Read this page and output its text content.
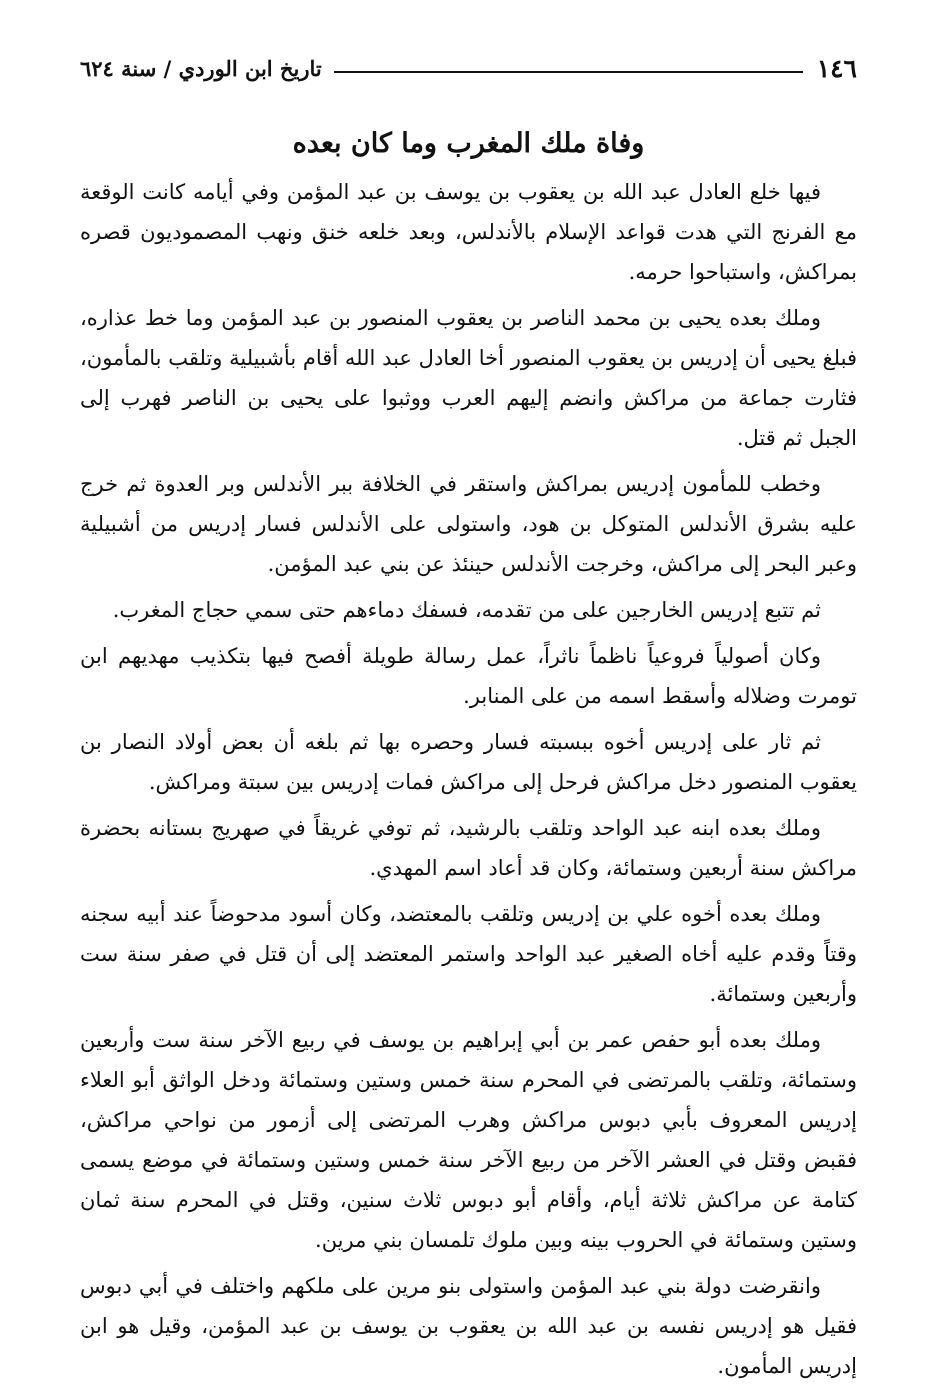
١٤٦
تاريخ ابن الوردي / سنة ٦٢٤
وفاة ملك المغرب وما كان بعده

فيها خلع العادل عبد الله بن يعقوب بن يوسف بن عبد المؤمن وفي أيامه كانت الوقعة مع الفرنج التي هدت قواعد الإسلام بالأندلس، وبعد خلعه خنق ونهب المصموديون قصره بمراكش، واستباحوا حرمه.

وملك بعده يحيى بن محمد الناصر بن يعقوب المنصور بن عبد المؤمن وما خط عذاره، فبلغ يحيى أن إدريس بن يعقوب المنصور أخا العادل عبد الله أقام بأشبيلية وتلقب بالمأمون، فثارت جماعة من مراكش وانضم إليهم العرب ووثبوا على يحيى بن الناصر فهرب إلى الجبل ثم قتل.

وخطب للمأمون إدريس بمراكش واستقر في الخلافة ببر الأندلس وبر العدوة ثم خرج عليه بشرق الأندلس المتوكل بن هود، واستولى على الأندلس فسار إدريس من أشبيلية وعبر البحر إلى مراكش، وخرجت الأندلس حينئذ عن بني عبد المؤمن.

ثم تتبع إدريس الخارجين على من تقدمه، فسفك دماءهم حتى سمي حجاج المغرب.

وكان أصولياً فروعياً ناظماً ناثراً، عمل رسالة طويلة أفصح فيها بتكذيب مهديهم ابن تومرت وضلاله وأسقط اسمه من على المنابر.

ثم ثار على إدريس أخوه ببسبته فسار وحصره بها ثم بلغه أن بعض أولاد النصار بن يعقوب المنصور دخل مراكش فرحل إلى مراكش فمات إدريس بين سبتة ومراكش.

وملك بعده ابنه عبد الواحد وتلقب بالرشيد، ثم توفي غريقاً في صهريج بستانه بحضرة مراكش سنة أربعين وستمائة، وكان قد أعاد اسم المهدي.

وملك بعده أخوه علي بن إدريس وتلقب بالمعتضد، وكان أسود مدحوضاً عند أبيه سجنه وقتاً وقدم عليه أخاه الصغير عبد الواحد واستمر المعتضد إلى أن قتل في صفر سنة ست وأربعين وستمائة.

وملك بعده أبو حفص عمر بن أبي إبراهيم بن يوسف في ربيع الآخر سنة ست وأربعين وستمائة، وتلقب بالمرتضى في المحرم سنة خمس وستين وستمائة ودخل الواثق أبو العلاء إدريس المعروف بأبي دبوس مراكش وهرب المرتضى إلى أزمور من نواحي مراكش، فقبض وقتل في العشر الآخر من ربيع الآخر سنة خمس وستين وستمائة في موضع يسمى كتامة عن مراكش ثلاثة أيام، وأقام أبو دبوس ثلاث سنين، وقتل في المحرم سنة ثمان وستين وستمائة في الحروب بينه وبين ملوك تلمسان بني مرين.

وانقرضت دولة بني عبد المؤمن واستولى بنو مرين على ملكهم واختلف في أبي دبوس فقيل هو إدريس نفسه بن عبد الله بن يعقوب بن يوسف بن عبد المؤمن، وقيل هو ابن إدريس المأمون.
